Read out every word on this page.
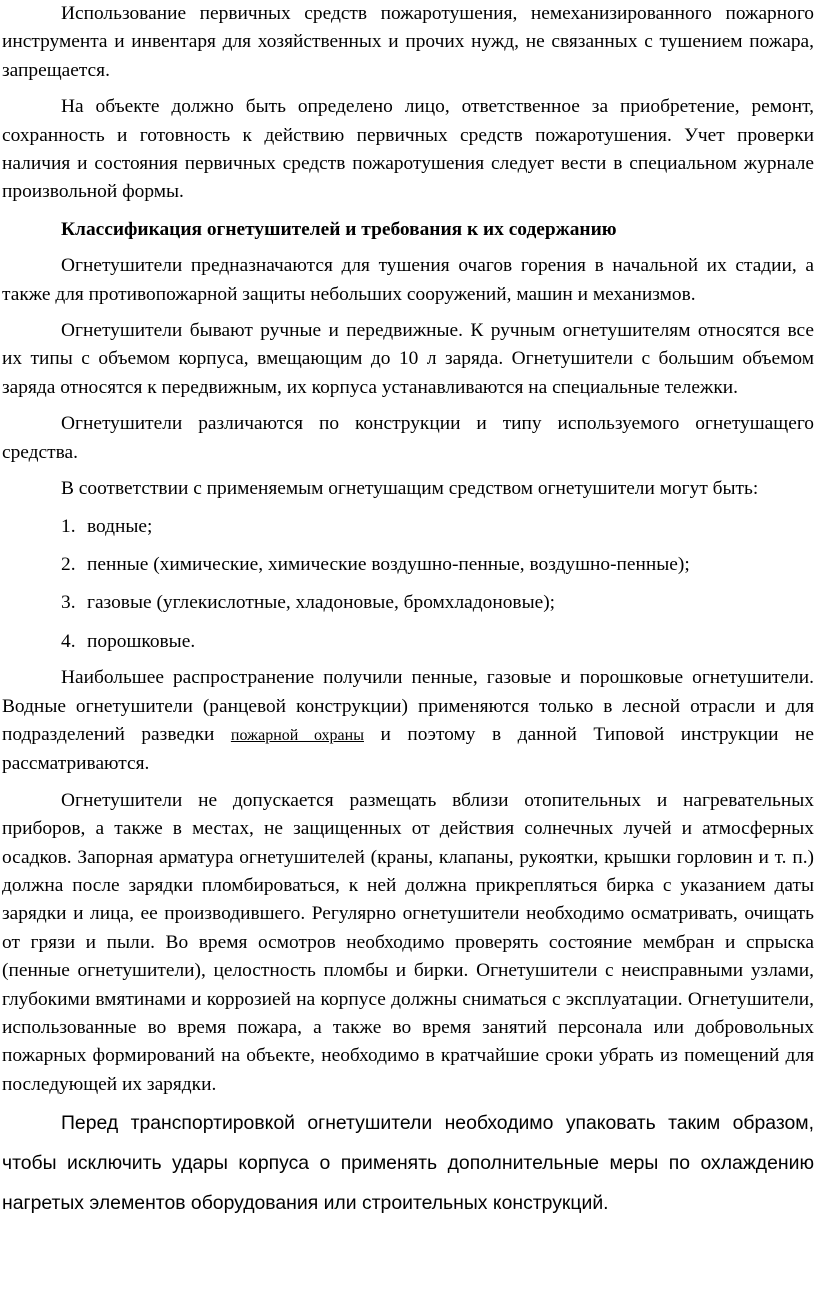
Использование первичных средств пожаротушения, немеханизированного пожарного инструмента и инвентаря для хозяйственных и прочих нужд, не связанных с тушением пожара, запрещается.

На объекте должно быть определено лицо, ответственное за приобретение, ремонт, сохранность и готовность к действию первичных средств пожаротушения. Учет проверки наличия и состояния первичных средств пожаротушения следует вести в специальном журнале произвольной формы.

Классификация огнетушителей и требования к их содержанию

Огнетушители предназначаются для тушения очагов горения в начальной их стадии, а также для противопожарной защиты небольших сооружений, машин и механизмов.

Огнетушители бывают ручные и передвижные. К ручным огнетушителям относятся все их типы с объемом корпуса, вмещающим до 10 л заряда. Огнетушители с большим объемом заряда относятся к передвижным, их корпуса устанавливаются на специальные тележки.

Огнетушители различаются по конструкции и типу используемого огнетушащего средства.

В соответствии с применяемым огнетушащим средством огнетушители могут быть:

1. водные;
2. пенные (химические, химические воздушно-пенные, воздушно-пенные);
3. газовые (углекислотные, хладоновые, бромхладоновые);
4. порошковые.

Наибольшее распространение получили пенные, газовые и порошковые огнетушители. Водные огнетушители (ранцевой конструкции) применяются только в лесной отрасли и для подразделений разведки пожарной охраны и поэтому в данной Типовой инструкции не рассматриваются.

Огнетушители не допускается размещать вблизи отопительных и нагревательных приборов, а также в местах, не защищенных от действия солнечных лучей и атмосферных осадков. Запорная арматура огнетушителей (краны, клапаны, рукоятки, крышки горловин и т. п.) должна после зарядки пломбироваться, к ней должна прикрепляться бирка с указанием даты зарядки и лица, ее производившего. Регулярно огнетушители необходимо осматривать, очищать от грязи и пыли. Во время осмотров необходимо проверять состояние мембран и спрыска (пенные огнетушители), целостность пломбы и бирки. Огнетушители с неисправными узлами, глубокими вмятинами и коррозией на корпусе должны сниматься с эксплуатации. Огнетушители, использованные во время пожара, а также во время занятий персонала или добровольных пожарных формирований на объекте, необходимо в кратчайшие сроки убрать из помещений для последующей их зарядки.

Перед транспортировкой огнетушители необходимо упаковать таким образом, чтобы исключить удары корпуса о применять дополнительные меры по охлаждению нагретых элементов оборудования или строительных конструкций.
